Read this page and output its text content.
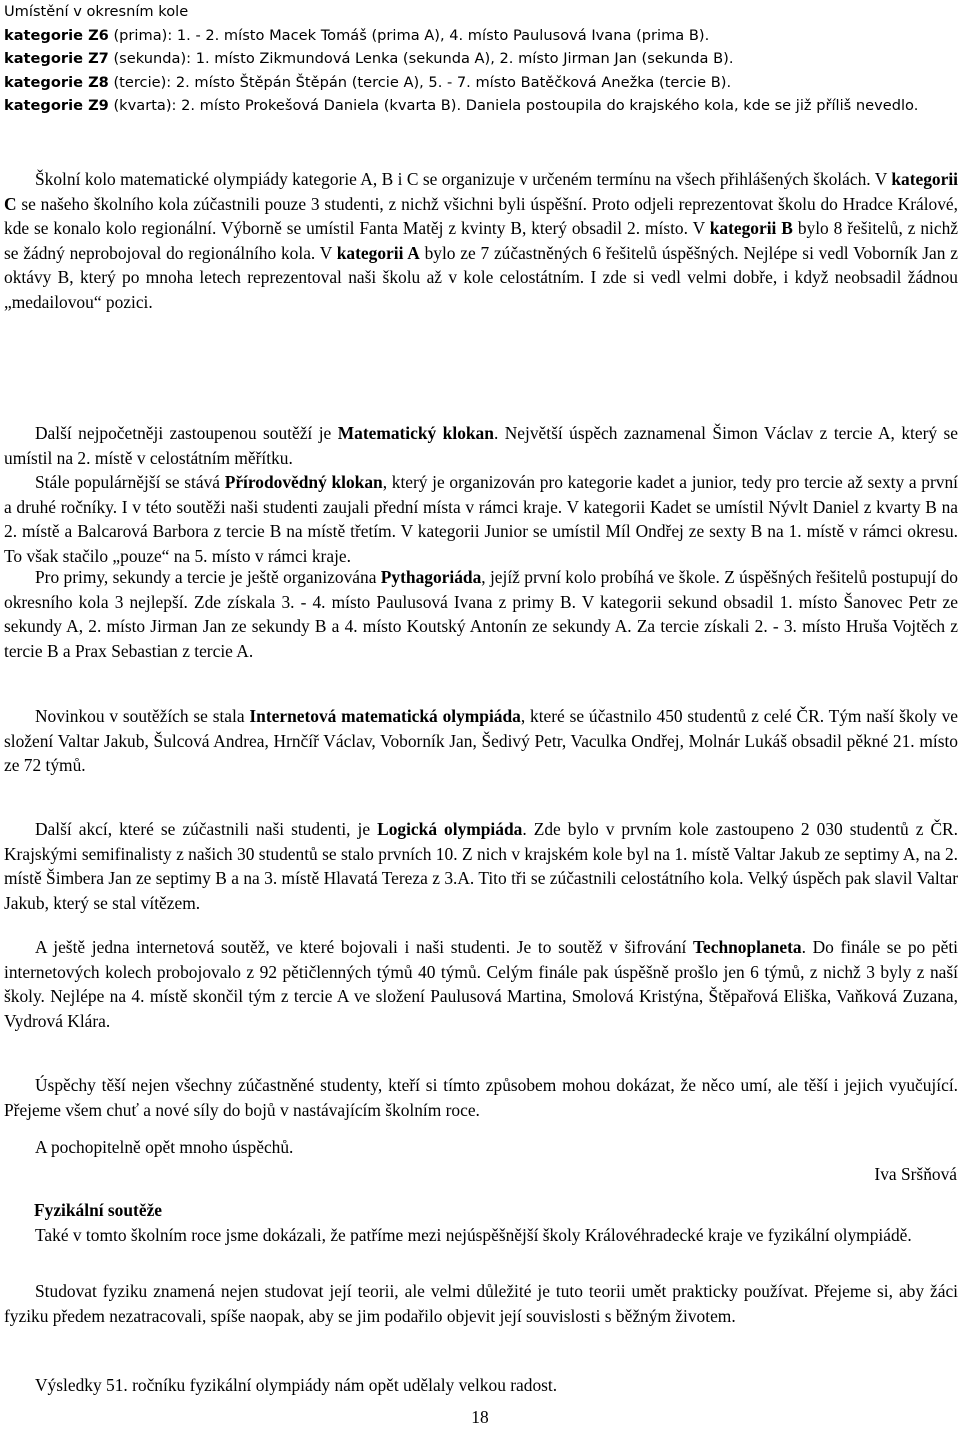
Umístění v okresním kole
kategorie Z6 (prima): 1. - 2. místo Macek Tomáš (prima A), 4. místo Paulusová Ivana (prima B).
kategorie Z7 (sekunda): 1. místo Zikmundová Lenka (sekunda A), 2. místo Jirman Jan (sekunda B).
kategorie Z8 (tercie): 2. místo Štěpán Štěpán (tercie A), 5. - 7. místo Batěčková Anežka (tercie B).
kategorie Z9 (kvarta): 2. místo Prokešová Daniela (kvarta B). Daniela postoupila do krajského kola, kde se již příliš nevedlo.

Školní kolo matematické olympiády kategorie A, B i C se organizuje v určeném termínu na všech přihlášených školách. V kategorii C se našeho školního kola zúčastnili pouze 3 studenti, z nichž všichni byli úspěšní. Proto odjeli reprezentovat školu do Hradce Králové, kde se konalo kolo regionální. Výborně se umístil Fanta Matěj z kvinty B, který obsadil 2. místo. V kategorii B bylo 8 řešitelů, z nichž se žádný neprobojoval do regionálního kola. V kategorii A bylo ze 7 zúčastněných 6 řešitelů úspěšných. Nejlépe si vedl Voborník Jan z oktávy B, který po mnoha letech reprezentoval naši školu až v kole celostátním. I zde si vedl velmi dobře, i když neobsadil žádnou „medailovou“ pozici.

Další nejpočetněji zastoupenou soutěží je Matematický klokan. Největší úspěch zaznamenal Šimon Václav z tercie A, který se umístil na 2. místě v celostátním měřítku.

Stále populárnější se stává Přírodovědný klokan, který je organizován pro kategorie kadet a junior, tedy pro tercie až sexty a první a druhé ročníky. I v této soutěži naši studenti zaujali přední místa v rámci kraje. V kategorii Kadet se umístil Nývlt Daniel z kvarty B na 2. místě a Balcarová Barbora z tercie B na místě třetím. V kategorii Junior se umístil Míl Ondřej ze sexty B na 1. místě v rámci okresu. To však stačilo „pouze“ na 5. místo v rámci kraje.

Pro primy, sekundy a tercie je ještě organizována Pythagoriáda, jejíž první kolo probíhá ve škole. Z úspěšných řešitelů postupují do okresního kola 3 nejlepší. Zde získala 3. - 4. místo Paulusová Ivana z primy B. V kategorii sekund obsadil 1. místo Šanovec Petr ze sekundy A, 2. místo Jirman Jan ze sekundy B a 4. místo Koutský Antonín ze sekundy A. Za tercie získali 2. - 3. místo Hruša Vojtěch z tercie B a Prax Sebastian z tercie A.

Novinkou v soutěžích se stala Internetová matematická olympiáda, které se účastnilo 450 studentů z celé ČR. Tým naší školy ve složení Valtar Jakub, Šulcová Andrea, Hrnčíř Václav, Voborník Jan, Šedivý Petr, Vaculka Ondřej, Molnár Lukáš obsadil pěkné 21. místo ze 72 týmů.

Další akcí, které se zúčastnili naši studenti, je Logická olympiáda. Zde bylo v prvním kole zastoupeno 2 030 studentů z ČR. Krajskými semifinalisty z našich 30 studentů se stalo prvních 10. Z nich v krajském kole byl na 1. místě Valtar Jakub ze septimy A, na 2. místě Šimbera Jan ze septimy B a na 3. místě Hlavatá Tereza z 3.A. Tito tři se zúčastnili celostátního kola. Velký úspěch pak slavil Valtar Jakub, který se stal vítězem.

A ještě jedna internetová soutěž, ve které bojovali i naši studenti. Je to soutěž v šifrování Technoplaneta. Do finále se po pěti internetových kolech probojovalo z 92 pětičlenných týmů 40 týmů. Celým finále pak úspěšně prošlo jen 6 týmů, z nichž 3 byly z naší školy. Nejlépe na 4. místě skončil tým z tercie A ve složení Paulusová Martina, Smolová Kristýna, Štěpařová Eliška, Vaňková Zuzana, Vydrová Klára.

Úspěchy těší nejen všechny zúčastněné studenty, kteří si tímto způsobem mohou dokázat, že něco umí, ale těší i jejich vyučující. Přejeme všem chuť a nové síly do bojů v nastávajícím školním roce.

A pochopitelně opět mnoho úspěchů.

Iva Sršňová

Fyzikální soutěže

Také v tomto školním roce jsme dokázali, že patříme mezi nejúspěšnější školy Královéhradecké kraje ve fyzikální olympiádě.

Studovat fyziku znamená nejen studovat její teorii, ale velmi důležité je tuto teorii umět prakticky používat. Přejeme si, aby žáci fyziku předem nezatracovali, spíše naopak, aby se jim podařilo objevit její souvislosti s běžným životem.

Výsledky 51. ročníku fyzikální olympiády nám opět udělaly velkou radost.

18
